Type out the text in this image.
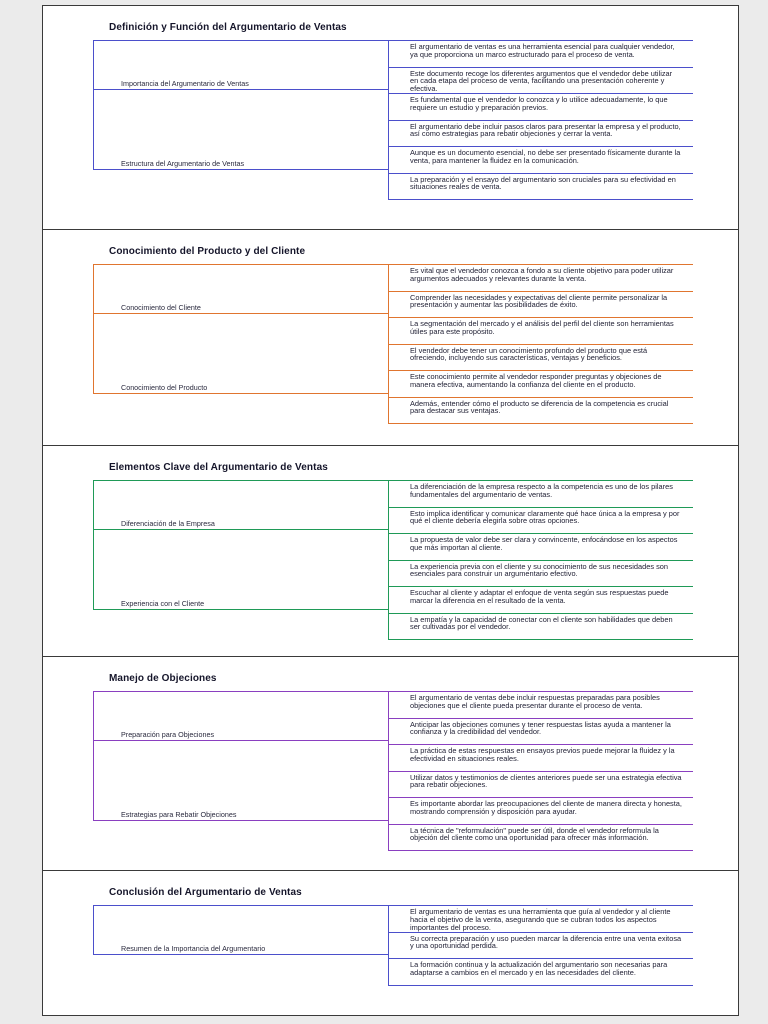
Definición y Función del Argumentario de Ventas
El argumentario de ventas es una herramienta esencial para cualquier vendedor, ya que proporciona un marco estructurado para el proceso de venta.
Este documento recoge los diferentes argumentos que el vendedor debe utilizar en cada etapa del proceso de venta, facilitando una presentación coherente y efectiva.
Es fundamental que el vendedor lo conozca y lo utilice adecuadamente, lo que requiere un estudio y preparación previos.
Importancia del Argumentario de Ventas
El argumentario debe incluir pasos claros para presentar la empresa y el producto, así como estrategias para rebatir objeciones y cerrar la venta.
Aunque es un documento esencial, no debe ser presentado físicamente durante la venta, para mantener la fluidez en la comunicación.
La preparación y el ensayo del argumentario son cruciales para su efectividad en situaciones reales de venta.
Estructura del Argumentario de Ventas
Conocimiento del Producto y del Cliente
Es vital que el vendedor conozca a fondo a su cliente objetivo para poder utilizar argumentos adecuados y relevantes durante la venta.
Comprender las necesidades y expectativas del cliente permite personalizar la presentación y aumentar las posibilidades de éxito.
La segmentación del mercado y el análisis del perfil del cliente son herramientas útiles para este propósito.
Conocimiento del Cliente
El vendedor debe tener un conocimiento profundo del producto que está ofreciendo, incluyendo sus características, ventajas y beneficios.
Este conocimiento permite al vendedor responder preguntas y objeciones de manera efectiva, aumentando la confianza del cliente en el producto.
Además, entender cómo el producto se diferencia de la competencia es crucial para destacar sus ventajas.
Conocimiento del Producto
Elementos Clave del Argumentario de Ventas
La diferenciación de la empresa respecto a la competencia es uno de los pilares fundamentales del argumentario de ventas.
Esto implica identificar y comunicar claramente qué hace única a la empresa y por qué el cliente debería elegirla sobre otras opciones.
La propuesta de valor debe ser clara y convincente, enfocándose en los aspectos que más importan al cliente.
Diferenciación de la Empresa
La experiencia previa con el cliente y su conocimiento de sus necesidades son esenciales para construir un argumentario efectivo.
Escuchar al cliente y adaptar el enfoque de venta según sus respuestas puede marcar la diferencia en el resultado de la venta.
La empatía y la capacidad de conectar con el cliente son habilidades que deben ser cultivadas por el vendedor.
Experiencia con el Cliente
Manejo de Objeciones
El argumentario de ventas debe incluir respuestas preparadas para posibles objeciones que el cliente pueda presentar durante el proceso de venta.
Anticipar las objeciones comunes y tener respuestas listas ayuda a mantener la confianza y la credibilidad del vendedor.
La práctica de estas respuestas en ensayos previos puede mejorar la fluidez y la efectividad en situaciones reales.
Preparación para Objeciones
Utilizar datos y testimonios de clientes anteriores puede ser una estrategia efectiva para rebatir objeciones.
Es importante abordar las preocupaciones del cliente de manera directa y honesta, mostrando comprensión y disposición para ayudar.
La técnica de "reformulación" puede ser útil, donde el vendedor reformula la objeción del cliente como una oportunidad para ofrecer más información.
Estrategias para Rebatir Objeciones
Conclusión del Argumentario de Ventas
El argumentario de ventas es una herramienta que guía al vendedor y al cliente hacia el objetivo de la venta, asegurando que se cubran todos los aspectos importantes del proceso.
Su correcta preparación y uso pueden marcar la diferencia entre una venta exitosa y una oportunidad perdida.
La formación continua y la actualización del argumentario son necesarias para adaptarse a cambios en el mercado y en las necesidades del cliente.
Resumen de la Importancia del Argumentario
